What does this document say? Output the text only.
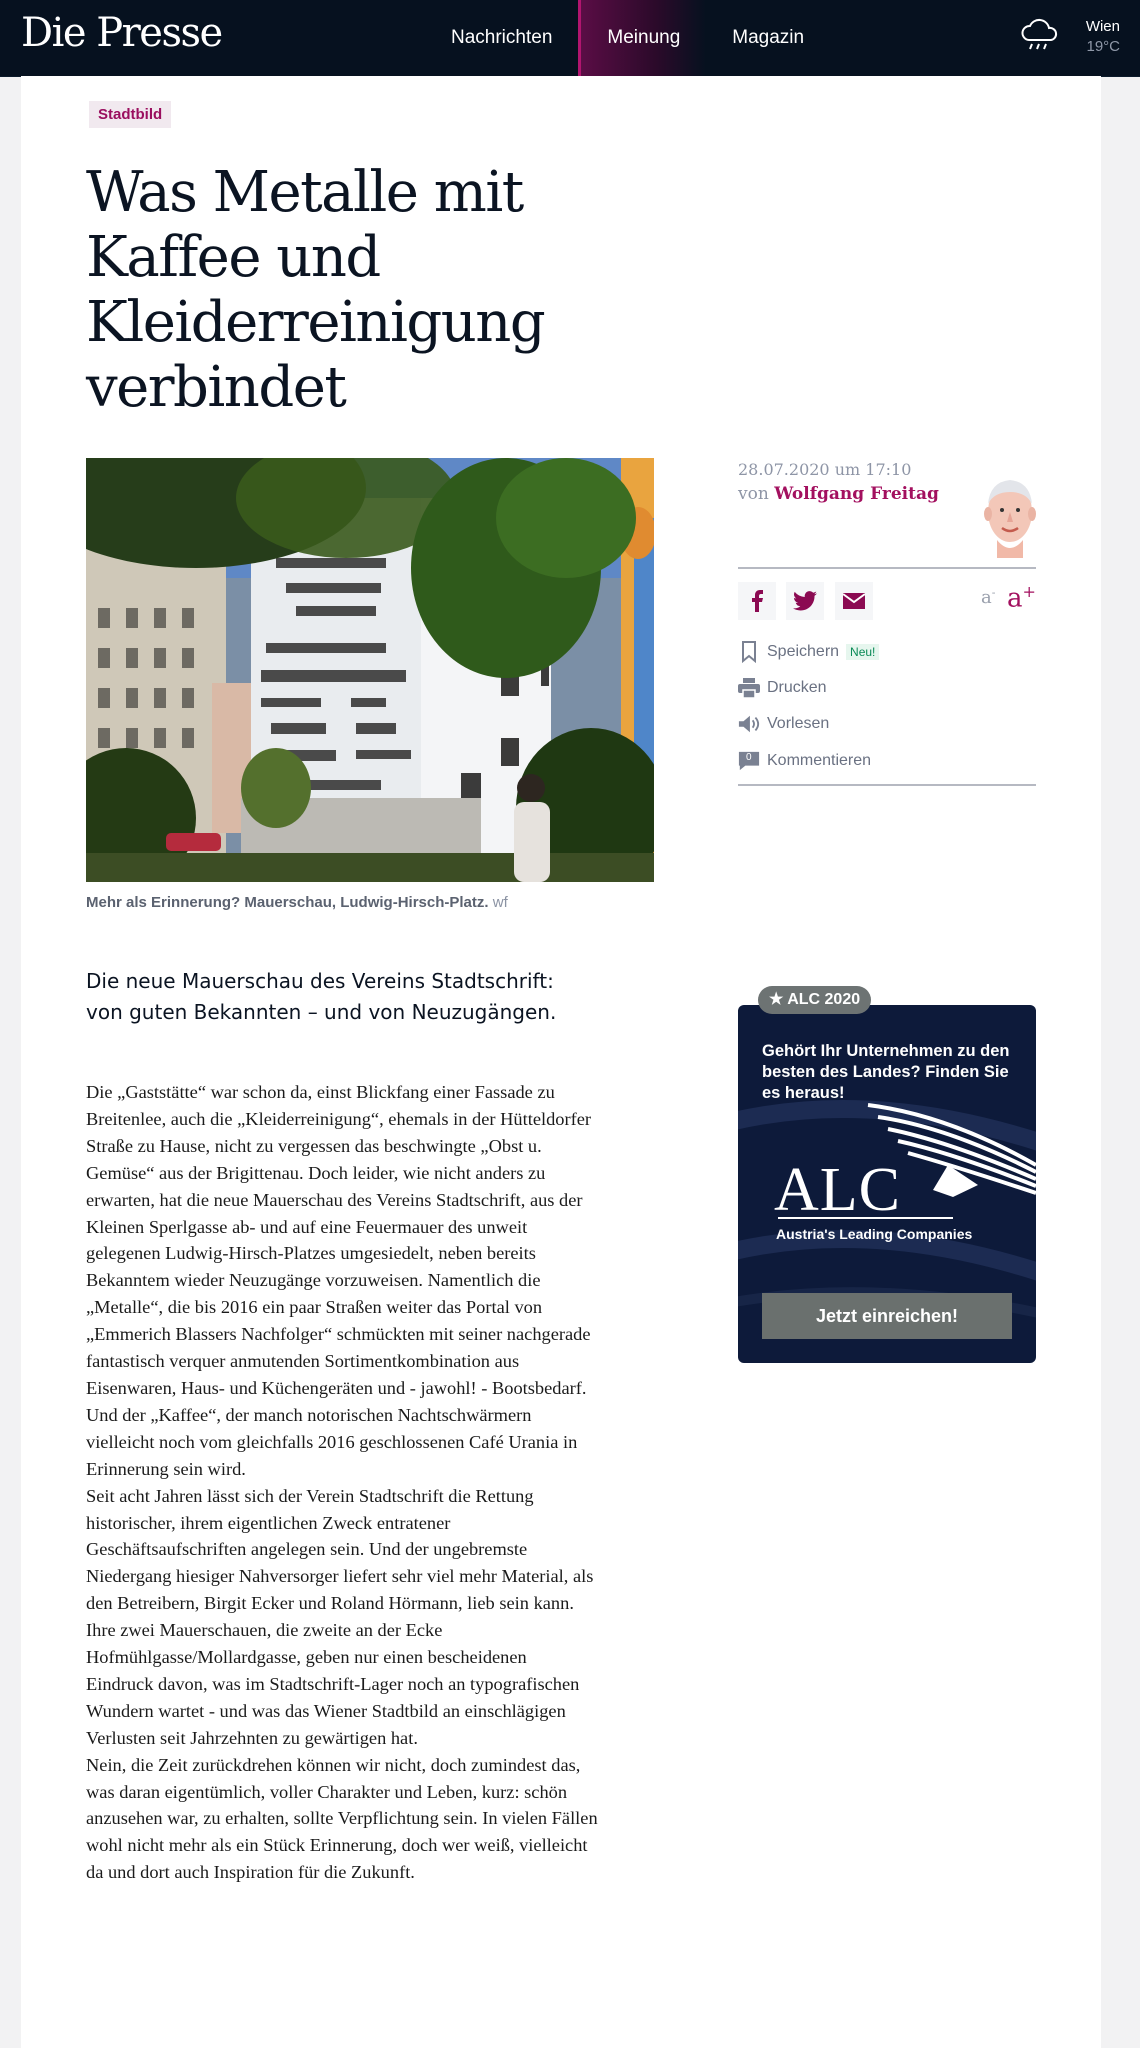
Die Presse	Nachrichten	Meinung	Magazin
Wien
19°C
Stadtbild
Was Metalle mit Kaffee und Kleiderreinigung verbindet
Mehr als Erinnerung? Mauerschau, Ludwig-Hirsch-Platz. wf
28.07.2020 um 17:10
von Wolfgang Freitag
a- a+
Speichern Neu!
Drucken
Vorlesen
0 Kommentieren

Die neue Mauerschau des Vereins Stadtschrift: von guten Bekannten – und von Neuzugängen.

Die „Gaststätte“ war schon da, einst Blickfang einer Fassade zu Breitenlee, auch die „Kleiderreinigung“, ehemals in der Hütteldorfer Straße zu Hause, nicht zu vergessen das beschwingte „Obst u. Gemüse“ aus der Brigittenau. Doch leider, wie nicht anders zu erwarten, hat die neue Mauerschau des Vereins Stadtschrift, aus der Kleinen Sperlgasse ab- und auf eine Feuermauer des unweit gelegenen Ludwig-Hirsch-Platzes umgesiedelt, neben bereits Bekanntem wieder Neuzugänge vorzuweisen. Namentlich die „Metalle“, die bis 2016 ein paar Straßen weiter das Portal von „Emmerich Blassers Nachfolger“ schmückten mit seiner nachgerade fantastisch verquer anmutenden Sortimentkombination aus Eisenwaren, Haus- und Küchengeräten und - jawohl! - Bootsbedarf. Und der „Kaffee“, der manch notorischen Nachtschwärmern vielleicht noch vom gleichfalls 2016 geschlossenen Café Urania in Erinnerung sein wird.

Seit acht Jahren lässt sich der Verein Stadtschrift die Rettung historischer, ihrem eigentlichen Zweck entratener Geschäftsaufschriften angelegen sein. Und der ungebremste Niedergang hiesiger Nahversorger liefert sehr viel mehr Material, als den Betreibern, Birgit Ecker und Roland Hörmann, lieb sein kann. Ihre zwei Mauerschauen, die zweite an der Ecke Hofmühlgasse/Mollardgasse, geben nur einen bescheidenen Eindruck davon, was im Stadtschrift-Lager noch an typografischen Wundern wartet - und was das Wiener Stadtbild an einschlägigen Verlusten seit Jahrzehnten zu gewärtigen hat.

Nein, die Zeit zurückdrehen können wir nicht, doch zumindest das, was daran eigentümlich, voller Charakter und Leben, kurz: schön anzusehen war, zu erhalten, sollte Verpflichtung sein. In vielen Fällen wohl nicht mehr als ein Stück Erinnerung, doch wer weiß, vielleicht da und dort auch Inspiration für die Zukunft.

★ ALC 2020
Gehört Ihr Unternehmen zu den besten des Landes? Finden Sie es heraus!
ALC
Austria's Leading Companies
Jetzt einreichen!
